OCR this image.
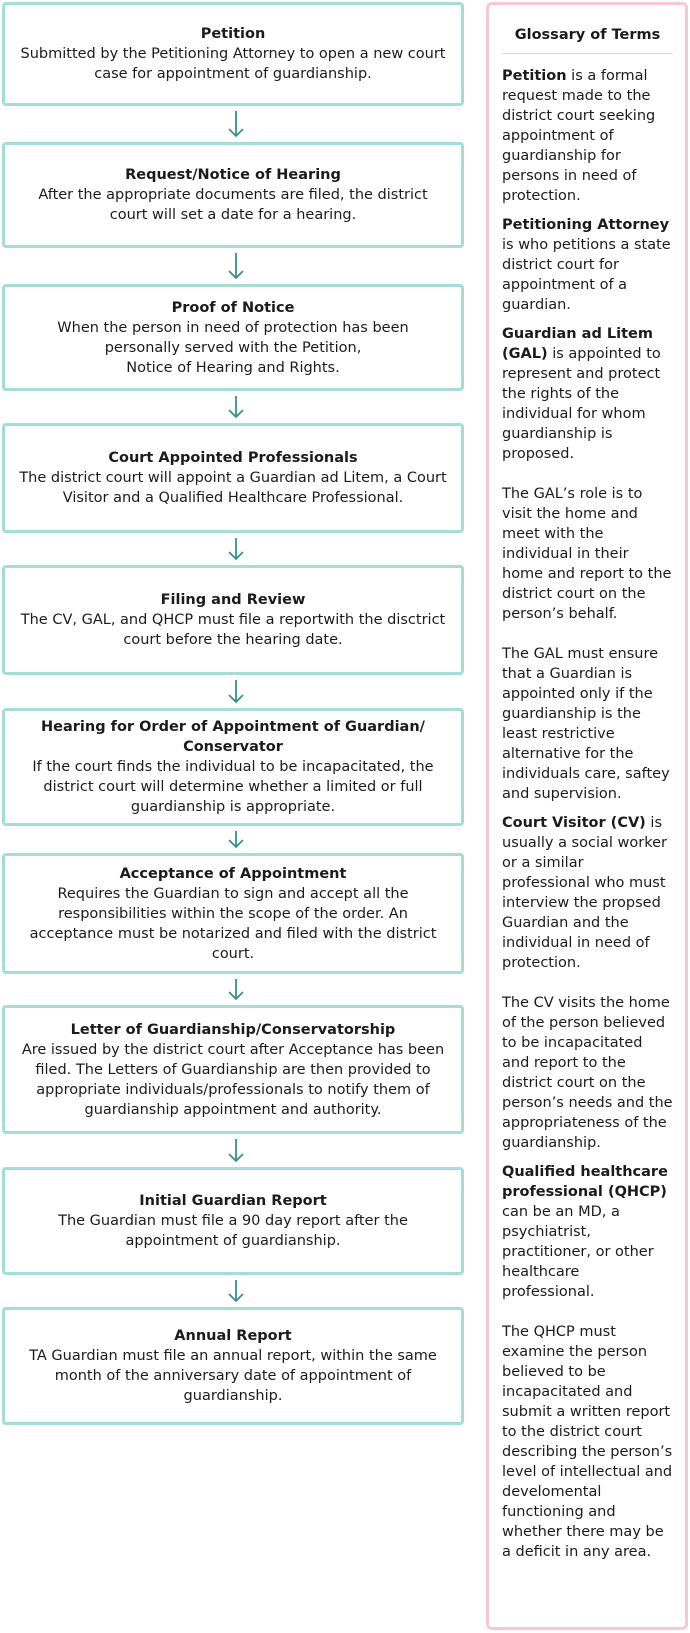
Petition
Submitted by the Petitioning Attorney to open a new court case for appointment of guardianship.
Request/Notice of Hearing
After the appropriate documents are filed, the district court will set a date for a hearing.
Proof of Notice
When the person in need of protection has been personally served with the Petition,
Notice of Hearing and Rights.
Court Appointed Professionals
The district court will appoint a Guardian ad Litem, a Court Visitor and a Qualified Healthcare Professional.
Filing and Review
The CV, GAL, and QHCP must file a reportwith the disctrict court before the hearing date.
Hearing for Order of Appointment of Guardian/ Conservator
If the court finds the individual to be incapacitated, the district court will determine whether a limited or full guardianship is appropriate.
Acceptance of Appointment
Requires the Guardian to sign and accept all the responsibilities within the scope of the order. An acceptance must be notarized and filed with the district court.
Letter of Guardianship/Conservatorship
Are issued by the district court after Acceptance has been filed. The Letters of Guardianship are then provided to appropriate individuals/professionals to notify them of guardianship appointment and authority.
Initial Guardian Report
The Guardian must file a 90 day report after the appointment of guardianship.
Annual Report
TA Guardian must file an annual report, within the same month of the anniversary date of appointment of guardianship.
Glossary of Terms
Petition is a formal request made to the district court seeking appointment of guardianship for persons in need of protection.
Petitioning Attorney is who petitions a state district court for appointment of a guardian.
Guardian ad Litem (GAL) is appointed to represent and protect the rights of the individual for whom guardianship is proposed.
The GAL’s role is to visit the home and meet with the individual in their home and report to the district court on the person’s behalf.
The GAL must ensure that a Guardian is appointed only if the guardianship is the least restrictive alternative for the individuals care, saftey and supervision.
Court Visitor (CV) is usually a social worker or a similar professional who must interview the propsed Guardian and the individual in need of protection.
The CV visits the home of the person believed to be incapacitated and report to the district court on the person’s needs and the appropriateness of the guardianship.
Qualified healthcare professional (QHCP) can be an MD, a psychiatrist, practitioner, or other healthcare professional.
The QHCP must examine the person believed to be incapacitated and submit a written report to the district court describing the person’s level of intellectual and develomental functioning and whether there may be a deficit in any area.
